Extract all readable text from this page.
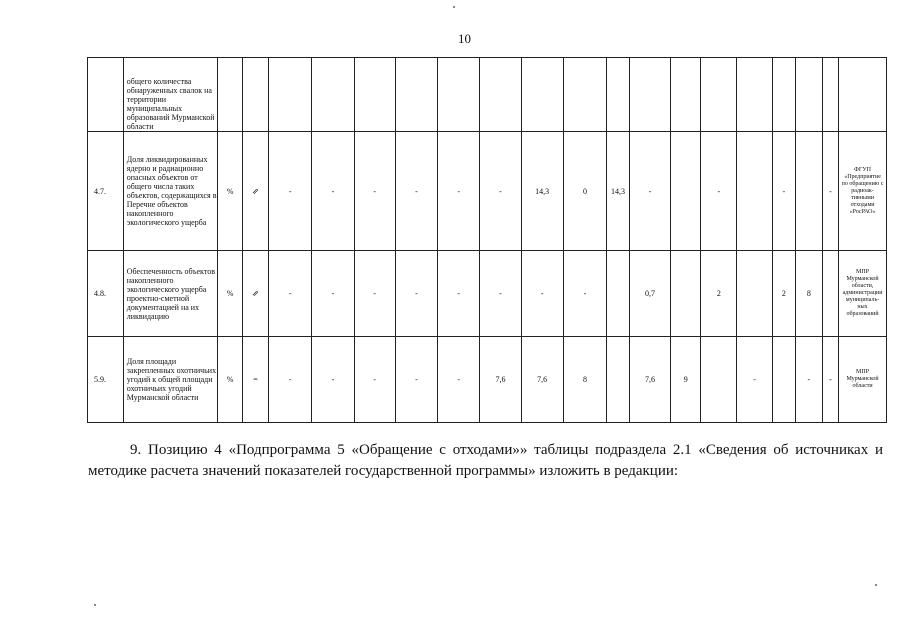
10
	общего количества обнаруженных свалок на территории муниципальных образований Мурманской области																			
4.7.	Доля ликвидированных ядерно и радиационно опасных объектов от общего числа таких объектов, содержащихся в Перечне объектов накопленного экологического ущерба	%	⇗	-	-	-	-	-	-	14,3	0	14,3	-		-		-		-	ФГУП «Предприятие по обращению с радиоак-тивными отходами «РосРАО»
4.8.	Обеспеченность объектов накопленного экологического ущерба проектно-сметной документацией на их ликвидацию	%	⇗	-	-	-	-	-	-	-	-		0,7		2		2	8		МПР Мурманской области, администрации муниципаль-ных образований
5.9.	Доля площади закрепленных охотничьих угодий к общей площади охотничьих угодий Мурманской области	%	=	-	-	-	-	-	7,6	7,6	8		7,6	9		-		-	-	МПР Мурманской области
9. Позицию 4 «Подпрограмма 5 «Обращение с отходами»» таблицы подраздела 2.1 «Сведения об источниках и методике расчета значений показателей государственной программы» изложить в редакции:
